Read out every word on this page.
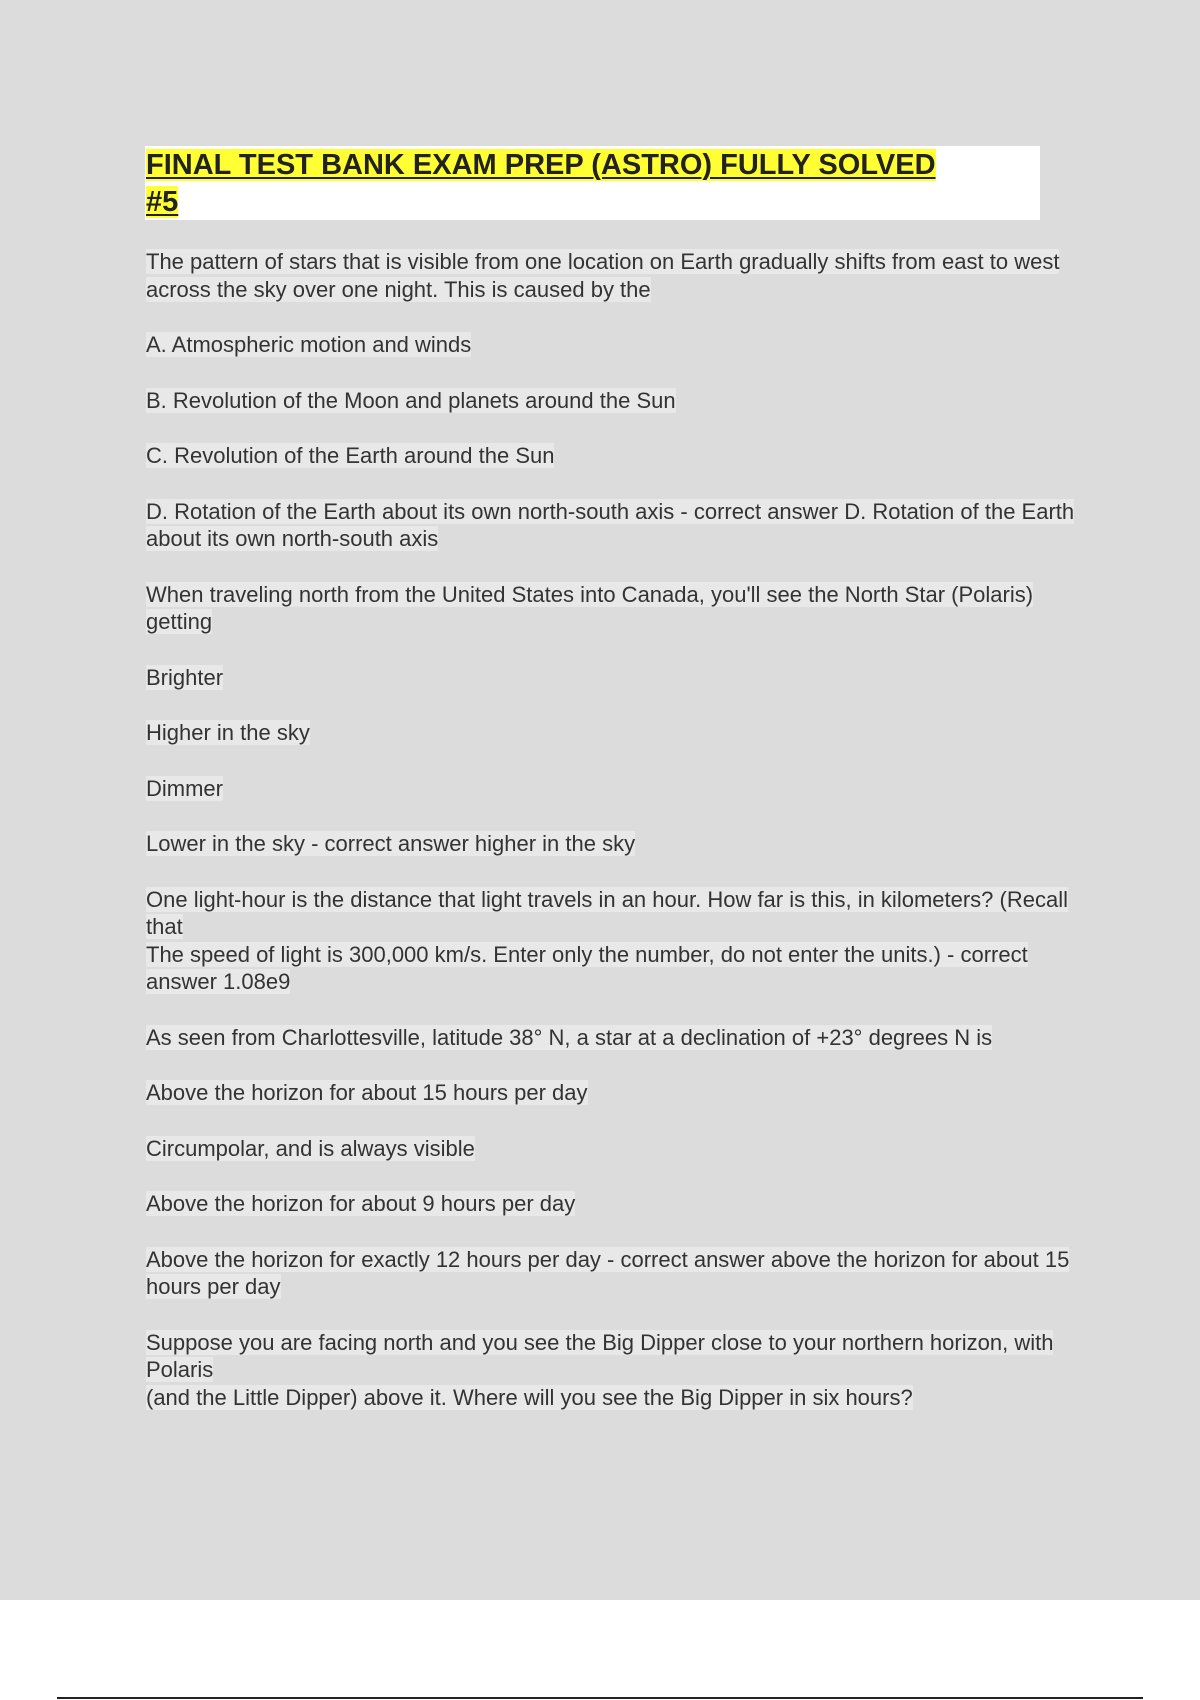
FINAL TEST BANK EXAM PREP (ASTRO) FULLY SOLVED
#5

The pattern of stars that is visible from one location on Earth gradually shifts from east to west across the sky over one night. This is caused by the

A. Atmospheric motion and winds

B. Revolution of the Moon and planets around the Sun

C. Revolution of the Earth around the Sun

D. Rotation of the Earth about its own north-south axis - correct answer D. Rotation of the Earth about its own north-south axis

When traveling north from the United States into Canada, you'll see the North Star (Polaris) getting

Brighter

Higher in the sky

Dimmer

Lower in the sky - correct answer higher in the sky

One light-hour is the distance that light travels in an hour. How far is this, in kilometers? (Recall that
The speed of light is 300,000 km/s. Enter only the number, do not enter the units.) - correct answer 1.08e9

As seen from Charlottesville, latitude 38° N, a star at a declination of +23° degrees N is

Above the horizon for about 15 hours per day

Circumpolar, and is always visible

Above the horizon for about 9 hours per day

Above the horizon for exactly 12 hours per day - correct answer above the horizon for about 15 hours per day

Suppose you are facing north and you see the Big Dipper close to your northern horizon, with Polaris
(and the Little Dipper) above it. Where will you see the Big Dipper in six hours?
